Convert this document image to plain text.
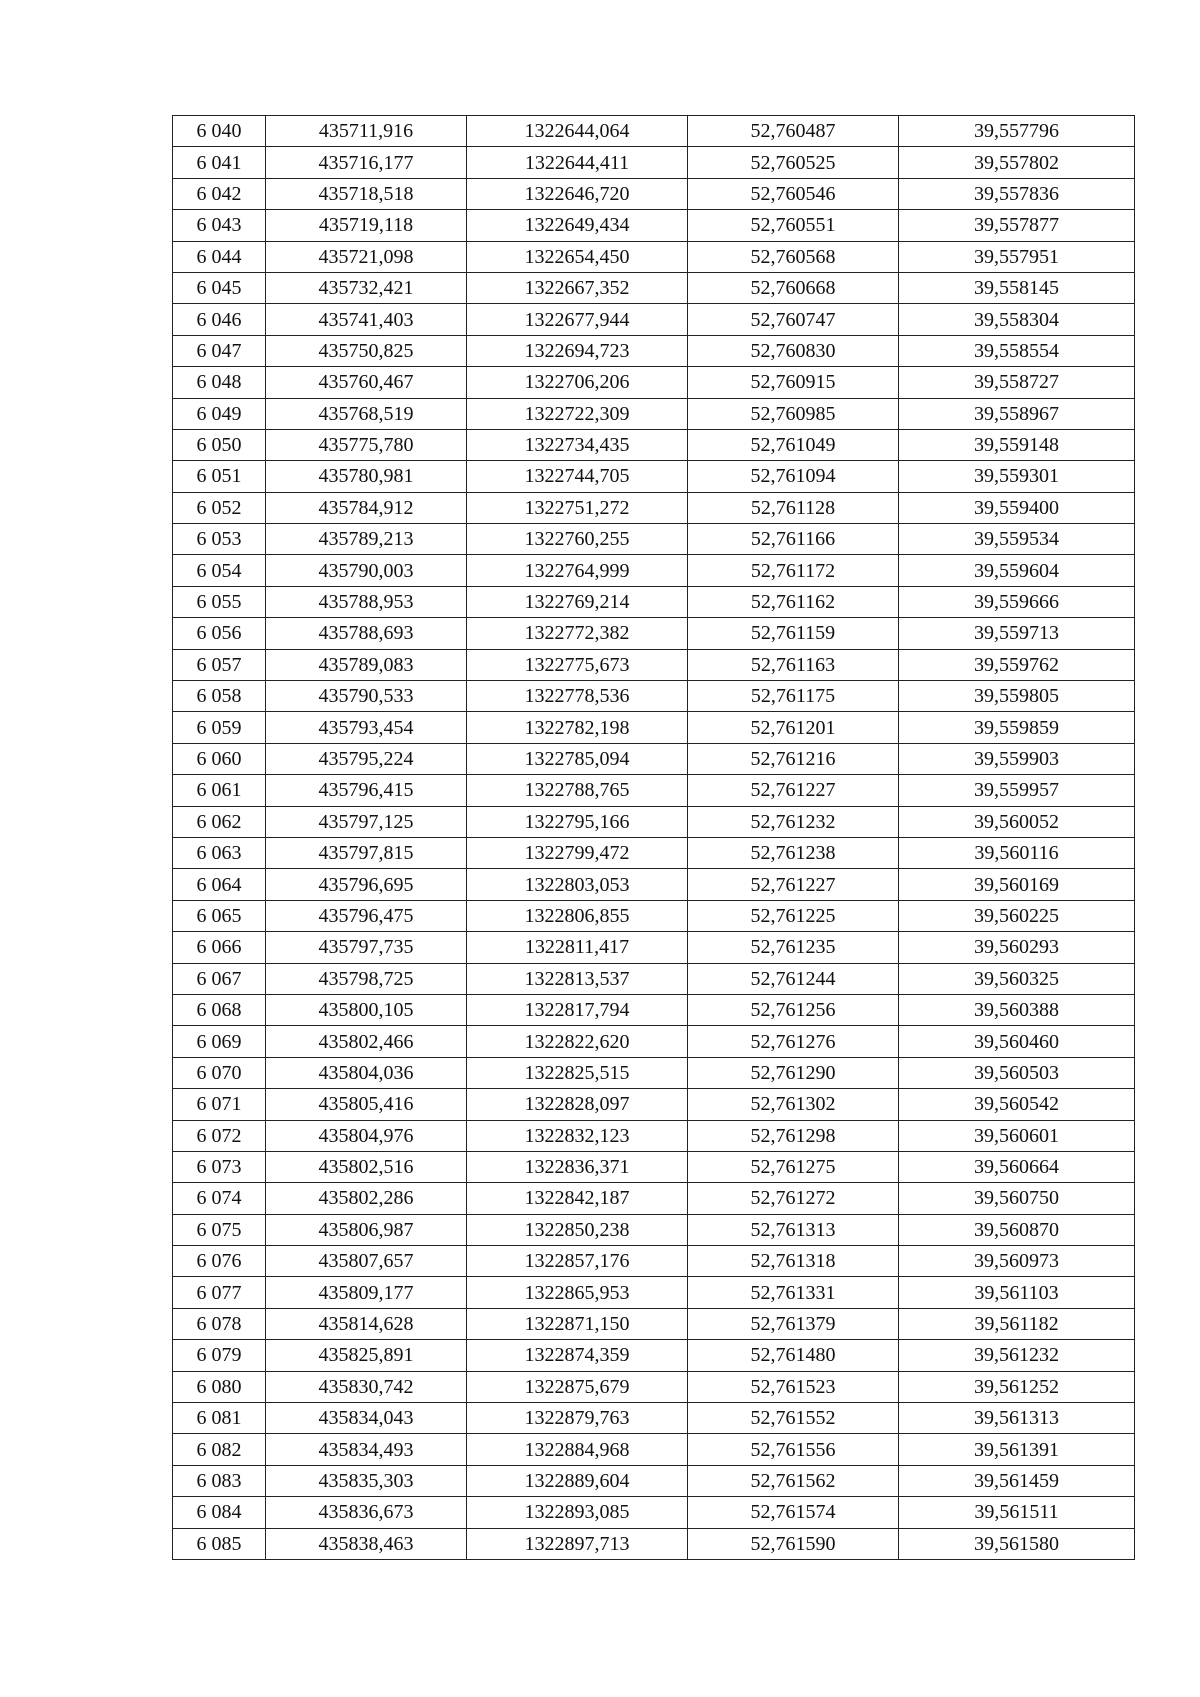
6 040	435711,916	1322644,064	52,760487	39,557796
6 041	435716,177	1322644,411	52,760525	39,557802
6 042	435718,518	1322646,720	52,760546	39,557836
6 043	435719,118	1322649,434	52,760551	39,557877
6 044	435721,098	1322654,450	52,760568	39,557951
6 045	435732,421	1322667,352	52,760668	39,558145
6 046	435741,403	1322677,944	52,760747	39,558304
6 047	435750,825	1322694,723	52,760830	39,558554
6 048	435760,467	1322706,206	52,760915	39,558727
6 049	435768,519	1322722,309	52,760985	39,558967
6 050	435775,780	1322734,435	52,761049	39,559148
6 051	435780,981	1322744,705	52,761094	39,559301
6 052	435784,912	1322751,272	52,761128	39,559400
6 053	435789,213	1322760,255	52,761166	39,559534
6 054	435790,003	1322764,999	52,761172	39,559604
6 055	435788,953	1322769,214	52,761162	39,559666
6 056	435788,693	1322772,382	52,761159	39,559713
6 057	435789,083	1322775,673	52,761163	39,559762
6 058	435790,533	1322778,536	52,761175	39,559805
6 059	435793,454	1322782,198	52,761201	39,559859
6 060	435795,224	1322785,094	52,761216	39,559903
6 061	435796,415	1322788,765	52,761227	39,559957
6 062	435797,125	1322795,166	52,761232	39,560052
6 063	435797,815	1322799,472	52,761238	39,560116
6 064	435796,695	1322803,053	52,761227	39,560169
6 065	435796,475	1322806,855	52,761225	39,560225
6 066	435797,735	1322811,417	52,761235	39,560293
6 067	435798,725	1322813,537	52,761244	39,560325
6 068	435800,105	1322817,794	52,761256	39,560388
6 069	435802,466	1322822,620	52,761276	39,560460
6 070	435804,036	1322825,515	52,761290	39,560503
6 071	435805,416	1322828,097	52,761302	39,560542
6 072	435804,976	1322832,123	52,761298	39,560601
6 073	435802,516	1322836,371	52,761275	39,560664
6 074	435802,286	1322842,187	52,761272	39,560750
6 075	435806,987	1322850,238	52,761313	39,560870
6 076	435807,657	1322857,176	52,761318	39,560973
6 077	435809,177	1322865,953	52,761331	39,561103
6 078	435814,628	1322871,150	52,761379	39,561182
6 079	435825,891	1322874,359	52,761480	39,561232
6 080	435830,742	1322875,679	52,761523	39,561252
6 081	435834,043	1322879,763	52,761552	39,561313
6 082	435834,493	1322884,968	52,761556	39,561391
6 083	435835,303	1322889,604	52,761562	39,561459
6 084	435836,673	1322893,085	52,761574	39,561511
6 085	435838,463	1322897,713	52,761590	39,561580
